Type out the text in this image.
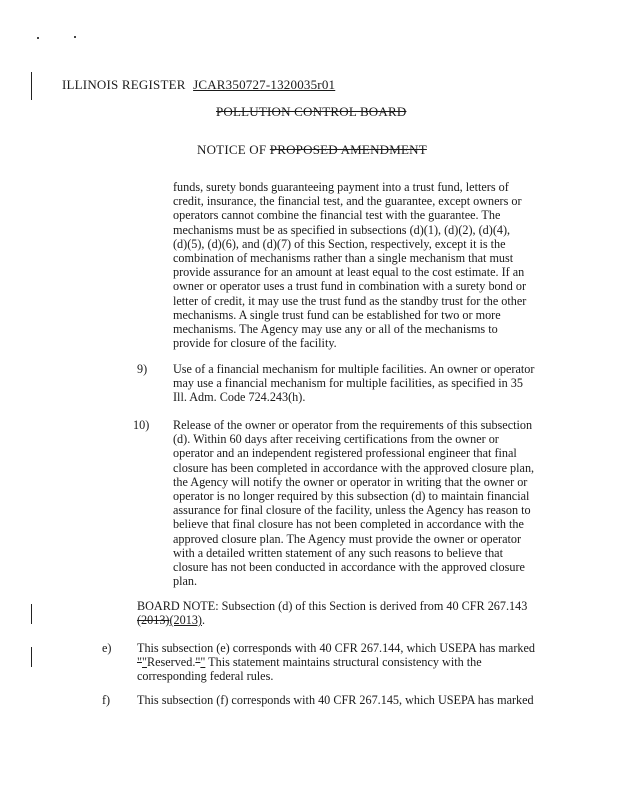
ILLINOIS REGISTER JCAR350727-1320035r01
POLLUTION CONTROL BOARD
NOTICE OF PROPOSED AMENDMENT
funds, surety bonds guaranteeing payment into a trust fund, letters of
credit, insurance, the financial test, and the guarantee, except owners or
operators cannot combine the financial test with the guarantee. The
mechanisms must be as specified in subsections (d)(1), (d)(2), (d)(4),
(d)(5), (d)(6), and (d)(7) of this Section, respectively, except it is the
combination of mechanisms rather than a single mechanism that must
provide assurance for an amount at least equal to the cost estimate. If an
owner or operator uses a trust fund in combination with a surety bond or
letter of credit, it may use the trust fund as the standby trust for the other
mechanisms. A single trust fund can be established for two or more
mechanisms. The Agency may use any or all of the mechanisms to
provide for closure of the facility.
9) Use of a financial mechanism for multiple facilities. An owner or operator
may use a financial mechanism for multiple facilities, as specified in 35
Ill. Adm. Code 724.243(h).
10) Release of the owner or operator from the requirements of this subsection
(d). Within 60 days after receiving certifications from the owner or
operator and an independent registered professional engineer that final
closure has been completed in accordance with the approved closure plan,
the Agency will notify the owner or operator in writing that the owner or
operator is no longer required by this subsection (d) to maintain financial
assurance for final closure of the facility, unless the Agency has reason to
believe that final closure has not been completed in accordance with the
approved closure plan. The Agency must provide the owner or operator
with a detailed written statement of any such reasons to believe that
closure has not been conducted in accordance with the approved closure
plan.
BOARD NOTE: Subsection (d) of this Section is derived from 40 CFR 267.143
(2013)(2013).
e) This subsection (e) corresponds with 40 CFR 267.144, which USEPA has marked
""Reserved."" This statement maintains structural consistency with the
corresponding federal rules.
f) This subsection (f) corresponds with 40 CFR 267.145, which USEPA has marked
